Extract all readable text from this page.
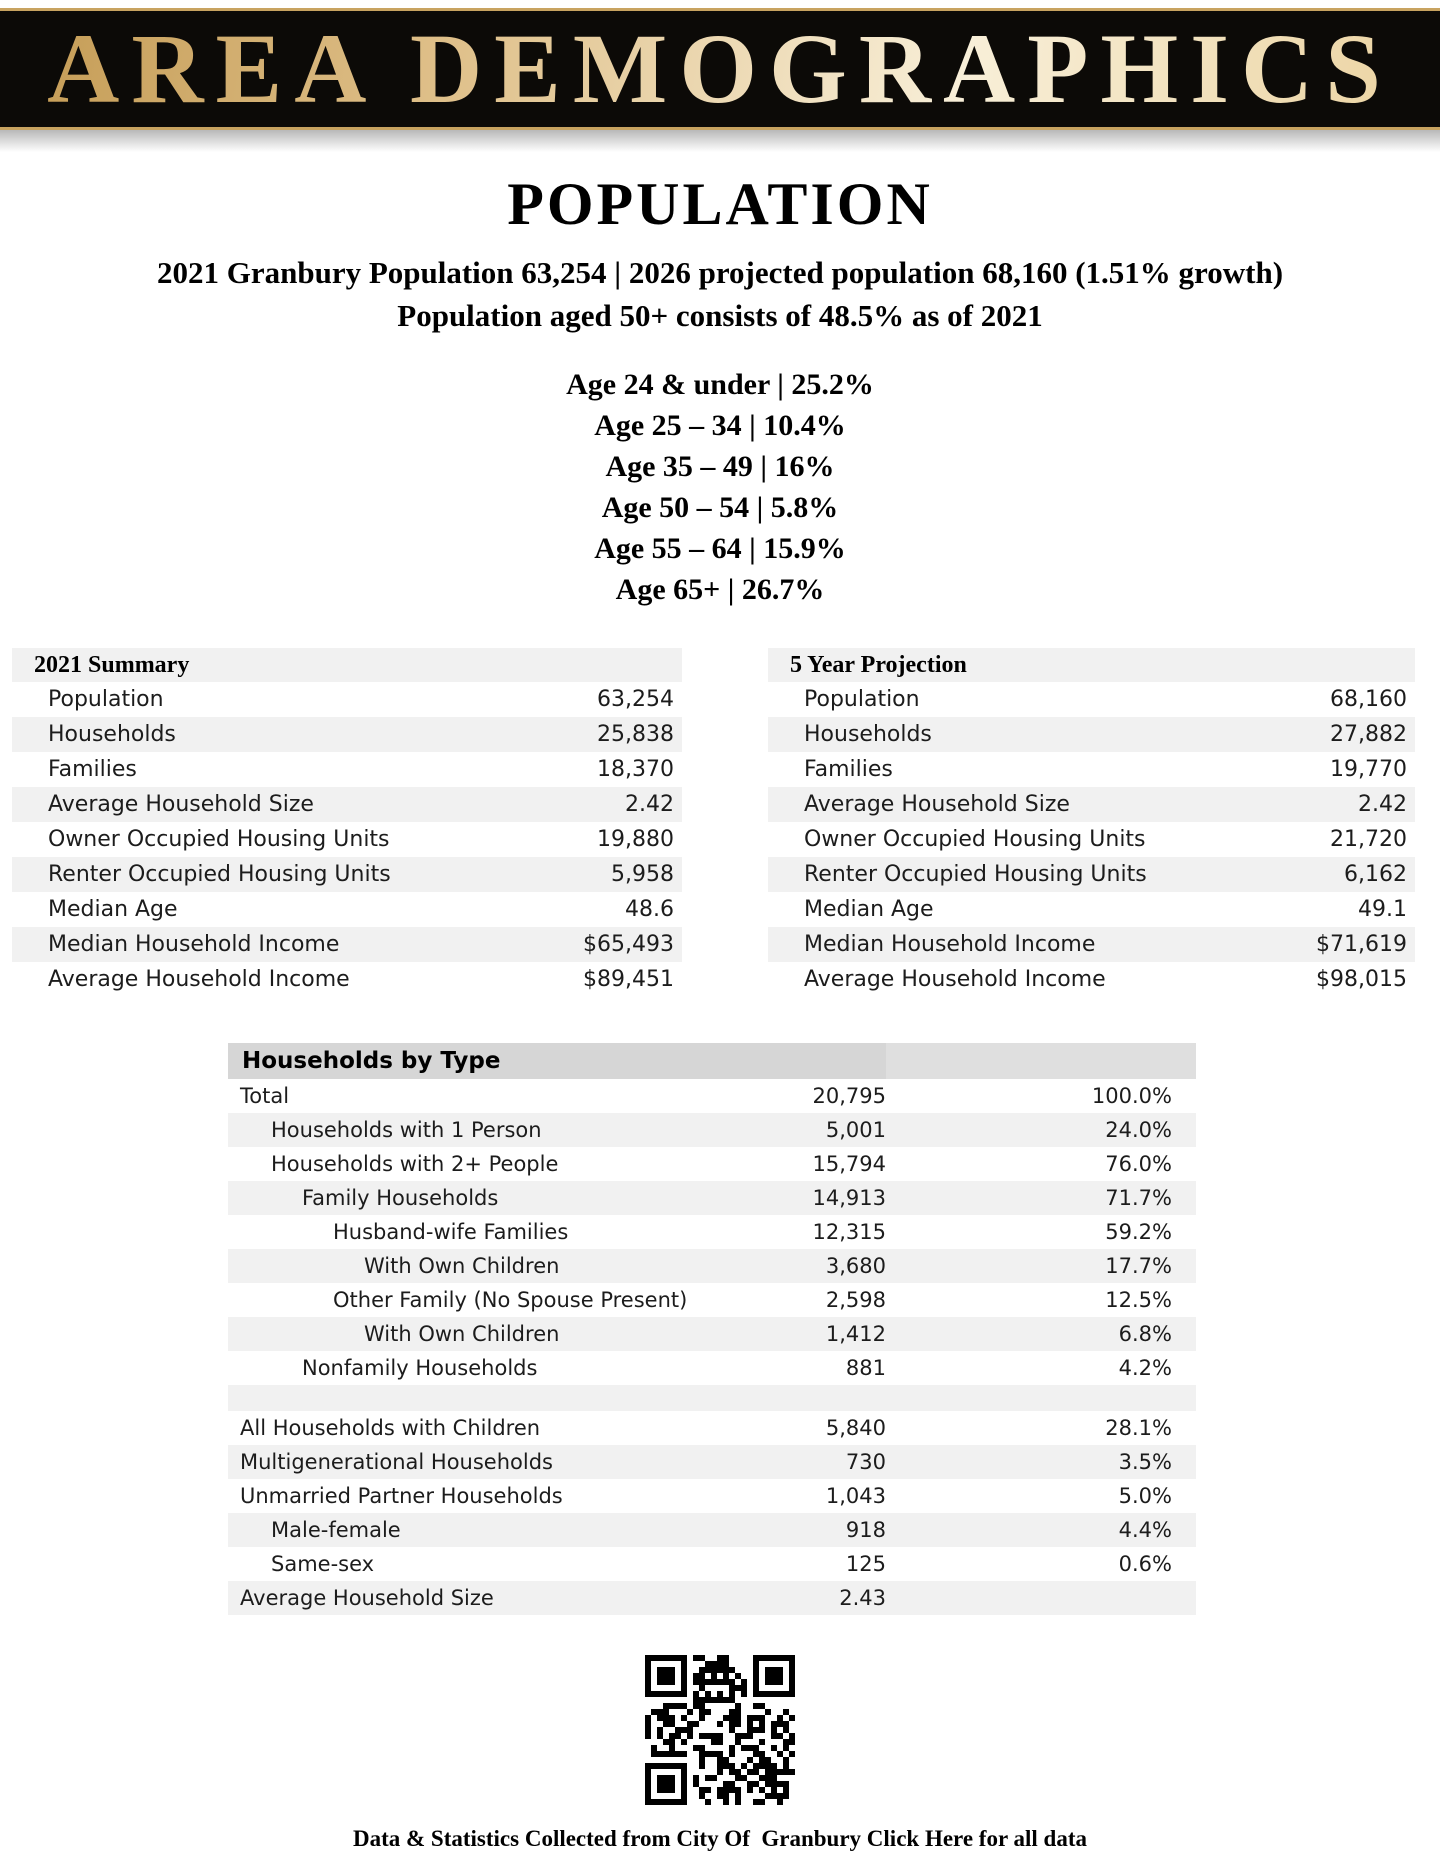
AREA DEMOGRAPHICS
POPULATION

2021 Granbury Population 63,254 | 2026 projected population 68,160 (1.51% growth)

Population aged 50+ consists of 48.5% as of 2021

Age 24 & under | 25.2%
Age 25 – 34 | 10.4%
Age 35 – 49 | 16%
Age 50 – 54 | 5.8%
Age 55 – 64 | 15.9%
Age 65+ | 26.7%
2021 Summary
Population	63,254
Households	25,838
Families	18,370
Average Household Size	2.42
Owner Occupied Housing Units	19,880
Renter Occupied Housing Units	5,958
Median Age	48.6
Median Household Income	$65,493
Average Household Income	$89,451
5 Year Projection
Population	68,160
Households	27,882
Families	19,770
Average Household Size	2.42
Owner Occupied Housing Units	21,720
Renter Occupied Housing Units	6,162
Median Age	49.1
Median Household Income	$71,619
Average Household Income	$98,015
Households by Type
Total	20,795	100.0%
Households with 1 Person	5,001	24.0%
Households with 2+ People	15,794	76.0%
Family Households	14,913	71.7%
Husband-wife Families	12,315	59.2%
With Own Children	3,680	17.7%
Other Family (No Spouse Present)	2,598	12.5%
With Own Children	1,412	6.8%
Nonfamily Households	881	4.2%
All Households with Children	5,840	28.1%
Multigenerational Households	730	3.5%
Unmarried Partner Households	1,043	5.0%
Male-female	918	4.4%
Same-sex	125	0.6%
Average Household Size	2.43

Data & Statistics Collected from City Of  Granbury Click Here for all data
